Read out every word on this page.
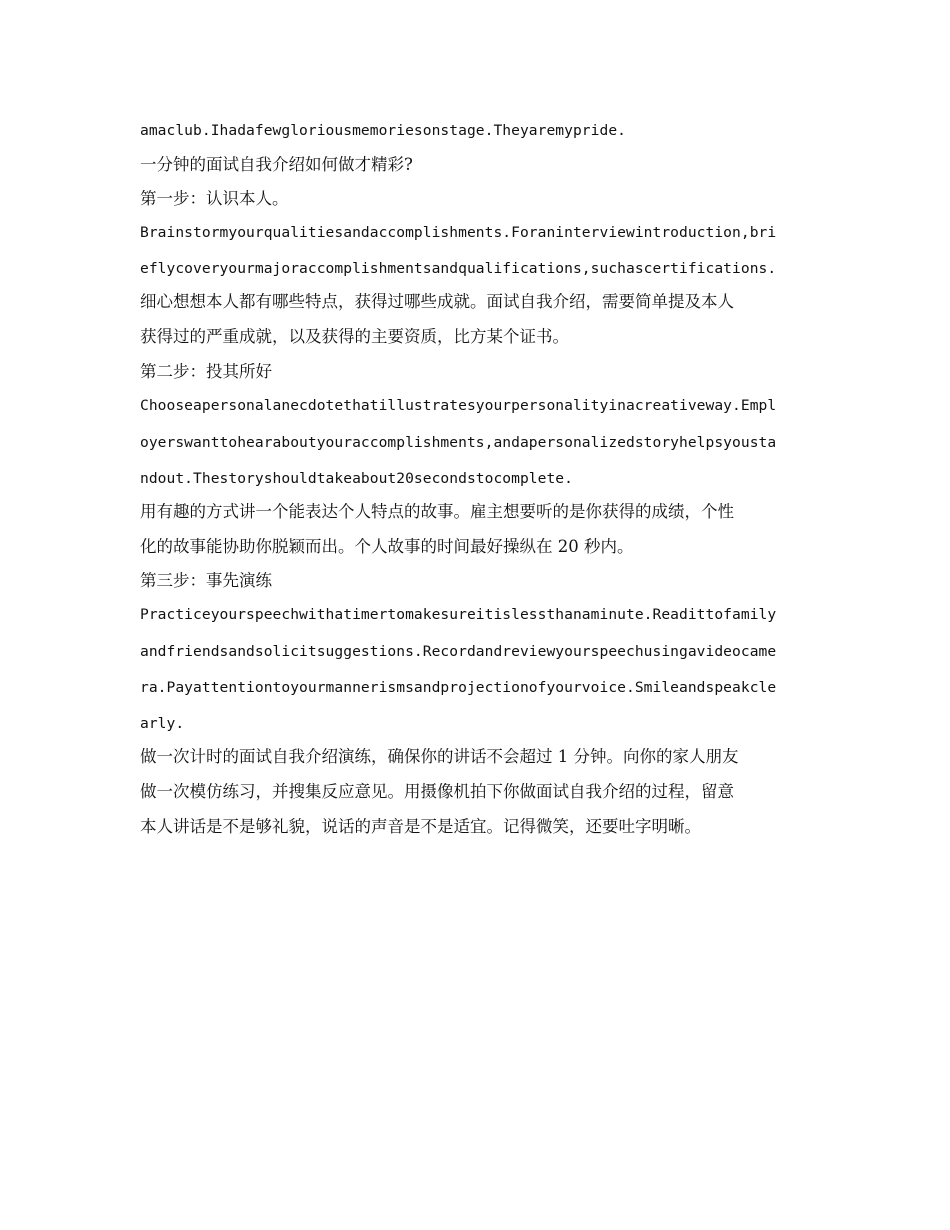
amaclub.Ihadafewgloriousmemoriesonstage.Theyaremypride.
一分钟的面试自我介绍如何做才精彩?
第一步：认识本人。
Brainstormyourqualitiesandaccomplishments.Foraninterviewintroduction,bri
eflycoveryourmajoraccomplishmentsandqualifications,suchascertifications.
细心想想本人都有哪些特点，获得过哪些成就。面试自我介绍，需要简单提及本人
获得过的严重成就，以及获得的主要资质，比方某个证书。
第二步：投其所好
Chooseapersonalanecdotethatillustratesyourpersonalityinacreativeway.Empl
oyerswanttohearaboutyouraccomplishments,andapersonalizedstoryhelpsyousta
ndout.Thestoryshouldtakeabout20secondstocomplete.
用有趣的方式讲一个能表达个人特点的故事。雇主想要听的是你获得的成绩，个性
化的故事能协助你脱颖而出。个人故事的时间最好操纵在 20 秒内。
第三步：事先演练
Practiceyourspeechwithatimertomakesureitislessthanaminute.Readittofamily
andfriendsandsolicitsuggestions.Recordandreviewyourspeechusingavideocame
ra.Payattentiontoyourmannerismsandprojectionofyourvoice.Smileandspeakcle
arly.
做一次计时的面试自我介绍演练，确保你的讲话不会超过 1 分钟。向你的家人朋友
做一次模仿练习，并搜集反应意见。用摄像机拍下你做面试自我介绍的过程，留意
本人讲话是不是够礼貌，说话的声音是不是适宜。记得微笑，还要吐字明晰。
